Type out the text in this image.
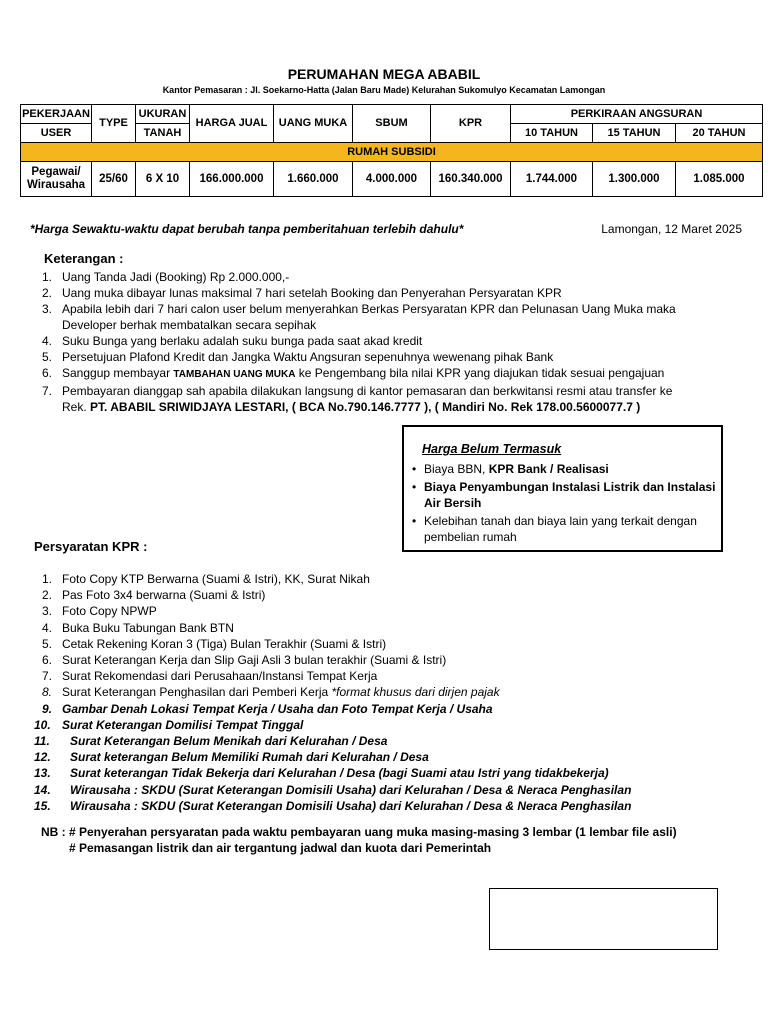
PERUMAHAN MEGA ABABIL
Kantor Pemasaran : Jl. Soekarno-Hatta (Jalan Baru Made) Kelurahan Sukomulyo Kecamatan Lamongan
PEKERJAAN	TYPE	UKURAN	HARGA JUAL	UANG MUKA	SBUM	KPR	PERKIRAAN ANGSURAN		
USER		TANAH					10 TAHUN	15 TAHUN	20 TAHUN
RUMAH SUBSIDI									

Pegawai/
Wirausaha	25/60	6 X 10	166.000.000	1.660.000	4.000.000	160.340.000	1.744.000	1.300.000	1.085.000
*Harga Sewaktu-waktu dapat berubah tanpa pemberitahuan terlebih dahulu*	Lamongan, 12 Maret 2025
Keterangan :
1. Uang Tanda Jadi (Booking) Rp 2.000.000,-
2. Uang muka dibayar lunas maksimal 7 hari setelah Booking dan Penyerahan Persyaratan KPR
3. Apabila lebih dari 7 hari calon user belum menyerahkan Berkas Persyaratan KPR dan Pelunasan Uang Muka maka Developer berhak membatalkan secara sepihak
4. Suku Bunga yang berlaku adalah suku bunga pada saat akad kredit
5. Persetujuan Plafond Kredit dan Jangka Waktu Angsuran sepenuhnya wewenang pihak Bank
6. Sanggup membayar TAMBAHAN UANG MUKA ke Pengembang bila nilai KPR yang diajukan tidak sesuai pengajuan
7. Pembayaran dianggap sah apabila dilakukan langsung di kantor pemasaran dan berkwitansi resmi atau transfer ke
Rek. PT. ABABIL SRIWIDJAYA LESTARI, ( BCA No.790.146.7777 ), ( Mandiri No. Rek 178.00.5600077.7 )
Harga Belum Termasuk
• Biaya BBN, KPR Bank / Realisasi
• Biaya Penyambungan Instalasi Listrik dan Instalasi Air Bersih
• Kelebihan tanah dan biaya lain yang terkait dengan pembelian rumah
Persyaratan KPR :
1. Foto Copy KTP Berwarna (Suami & Istri), KK, Surat Nikah
2. Pas Foto 3x4 berwarna (Suami & Istri)
3. Foto Copy NPWP
4. Buka Buku Tabungan Bank BTN
5. Cetak Rekening Koran 3 (Tiga) Bulan Terakhir (Suami & Istri)
6. Surat Keterangan Kerja dan Slip Gaji Asli 3 bulan terakhir (Suami & Istri)
7. Surat Rekomendasi dari Perusahaan/Instansi Tempat Kerja
8. Surat Keterangan Penghasilan dari Pemberi Kerja *format khusus dari dirjen pajak
9. Gambar Denah Lokasi Tempat Kerja / Usaha dan Foto Tempat Kerja / Usaha
10. Surat Keterangan Domilisi Tempat Tinggal
11. Surat Keterangan Belum Menikah dari Kelurahan / Desa
12. Surat keterangan Belum Memiliki Rumah dari Kelurahan / Desa
13. Surat keterangan Tidak Bekerja dari Kelurahan / Desa (bagi Suami atau Istri yang tidakbekerja)
14. Wirausaha : SKDU (Surat Keterangan Domisili Usaha) dari Kelurahan / Desa & Neraca Penghasilan
15. Wirausaha : SKDU (Surat Keterangan Domisili Usaha) dari Kelurahan / Desa & Neraca Penghasilan
NB : # Penyerahan persyaratan pada waktu pembayaran uang muka masing-masing 3 lembar (1 lembar file asli)
# Pemasangan listrik dan air tergantung jadwal dan kuota dari Pemerintah
